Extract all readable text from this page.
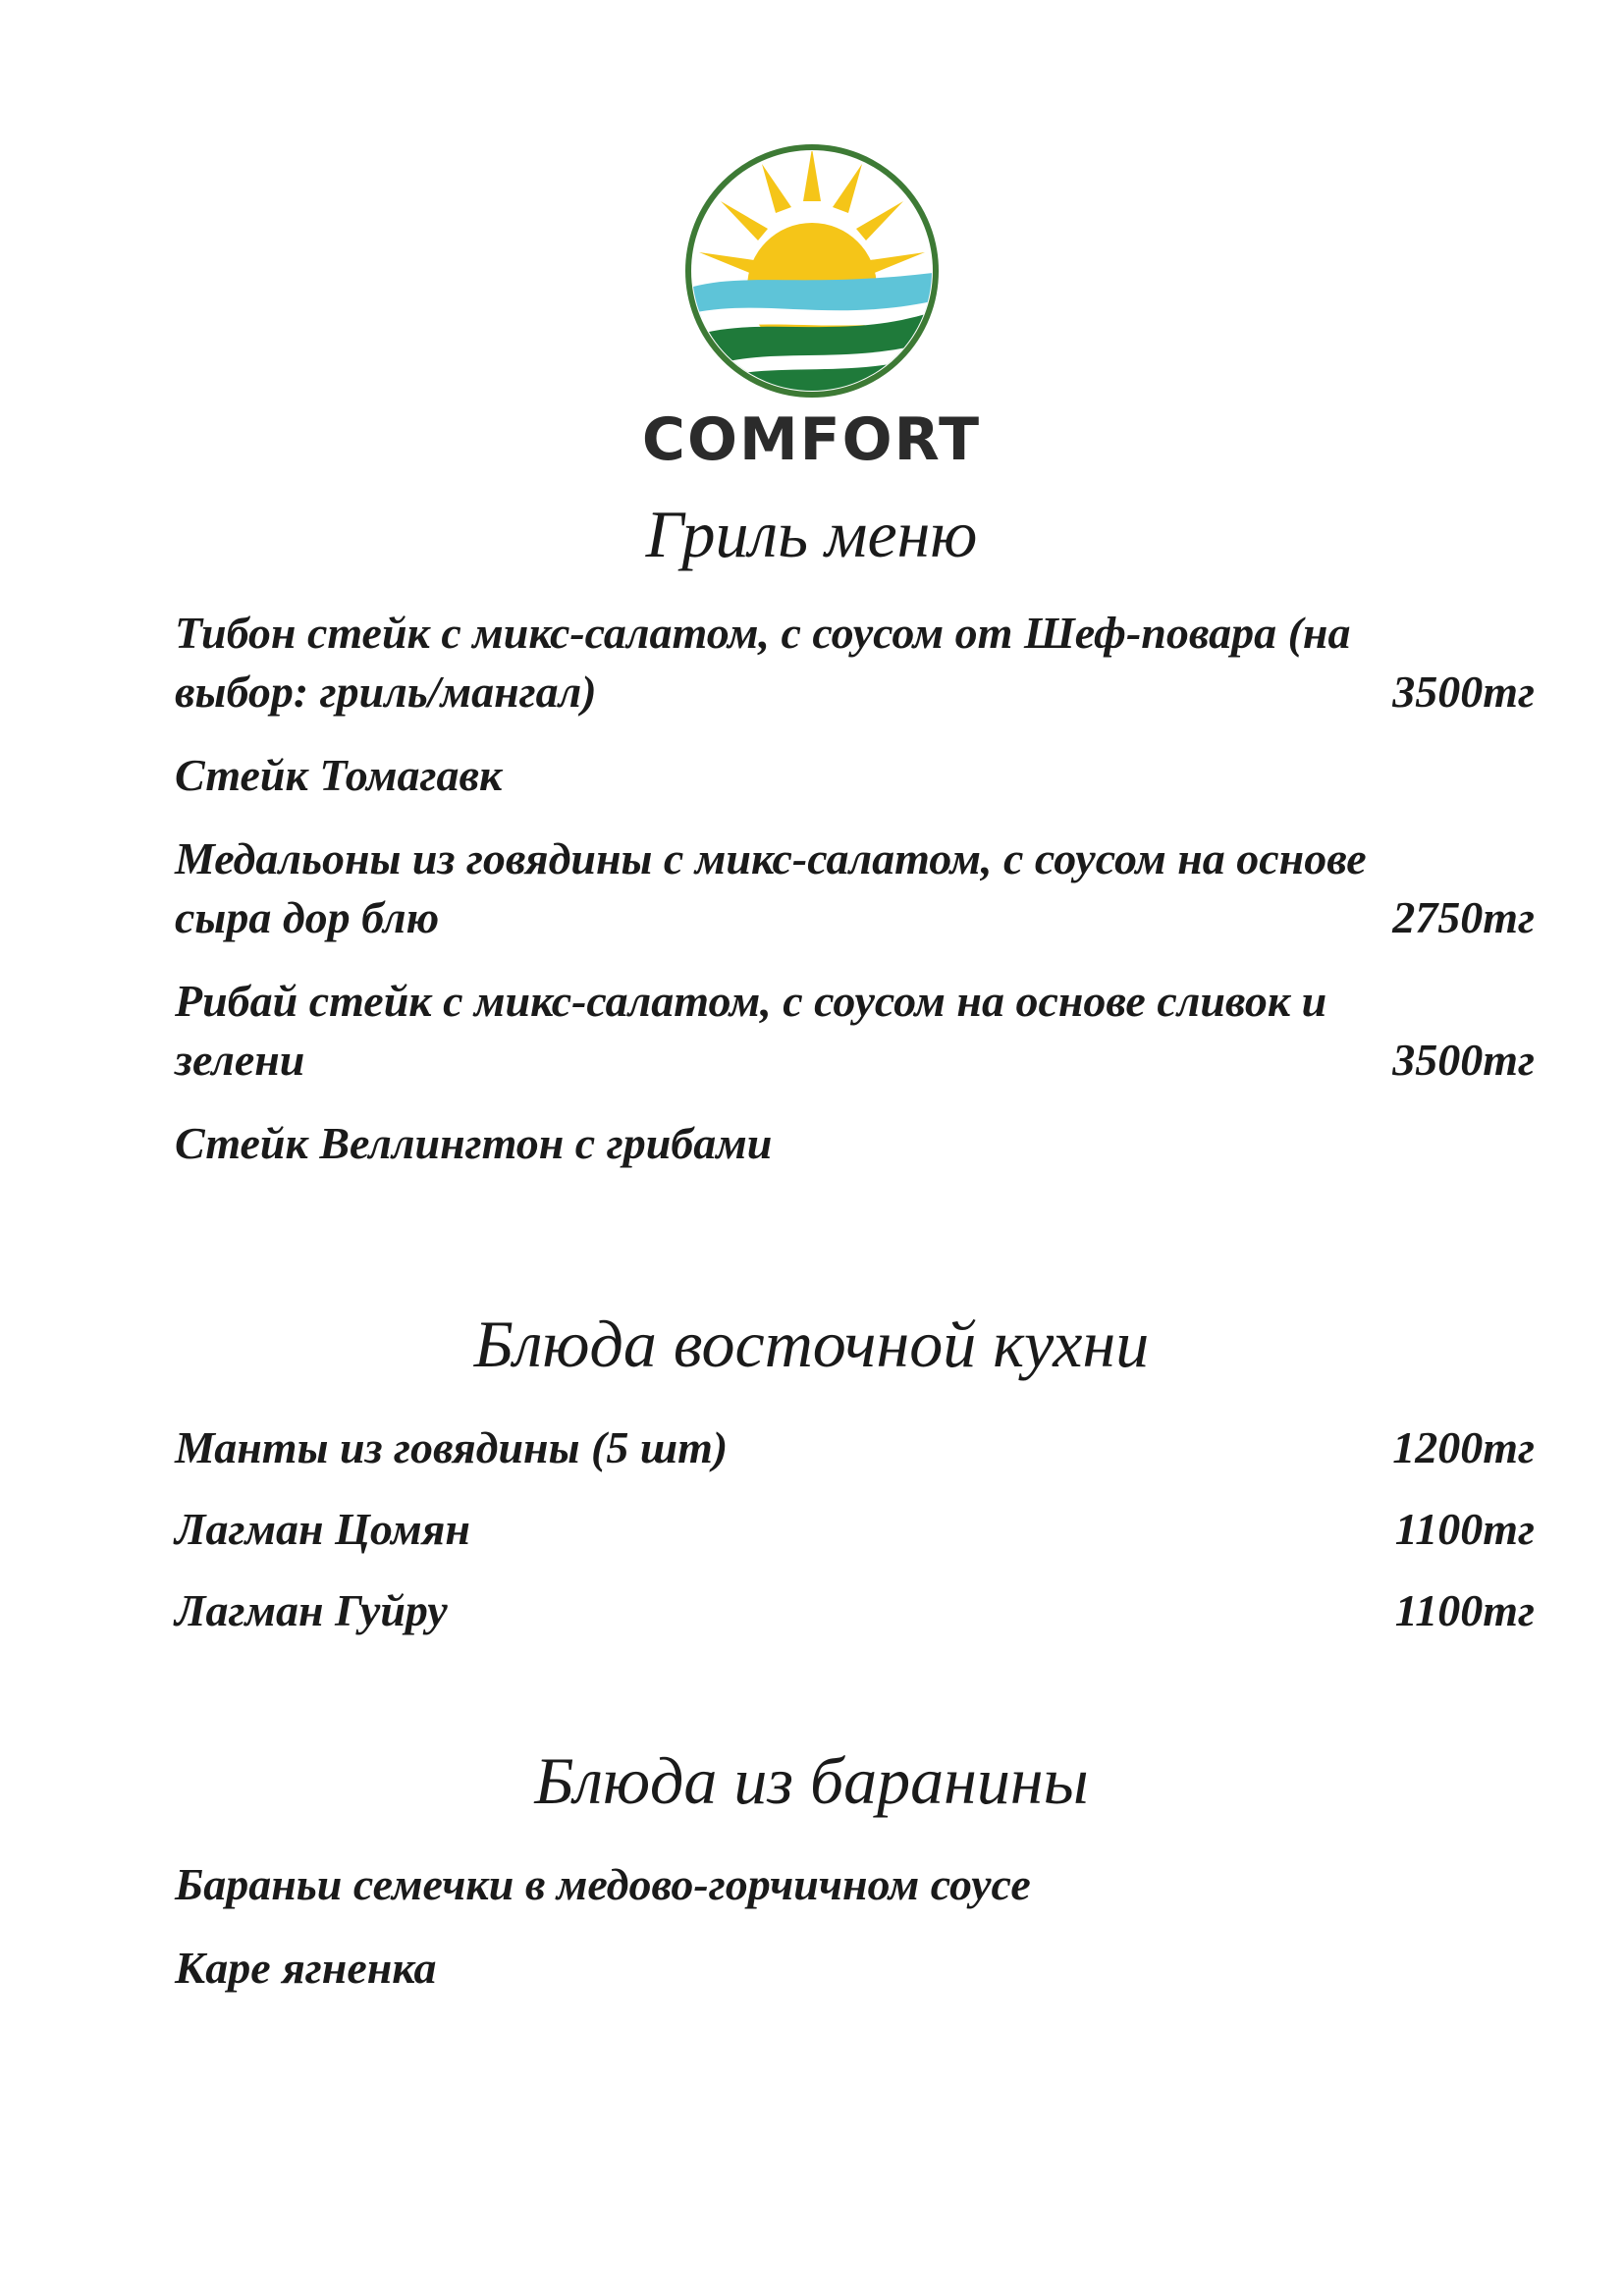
COMFORT
Гриль меню
Тибон стейк с микс-салатом, с соусом от Шеф-повара (на
выбор: гриль/мангал)	3500тг
Стейк Томагавк
Медальоны из говядины с микс-салатом, с соусом на основе
сыра дор блю	2750тг
Рибай стейк с микс-салатом, с соусом на основе сливок и
зелени	3500тг
Стейк Веллингтон с грибами
Блюда восточной кухни
Манты из говядины (5 шт)	1200тг
Лагман Цомян	1100тг
Лагман Гуйру	1100тг
Блюда из баранины
Бараньи семечки в медово-горчичном соусе
Каре ягненка
